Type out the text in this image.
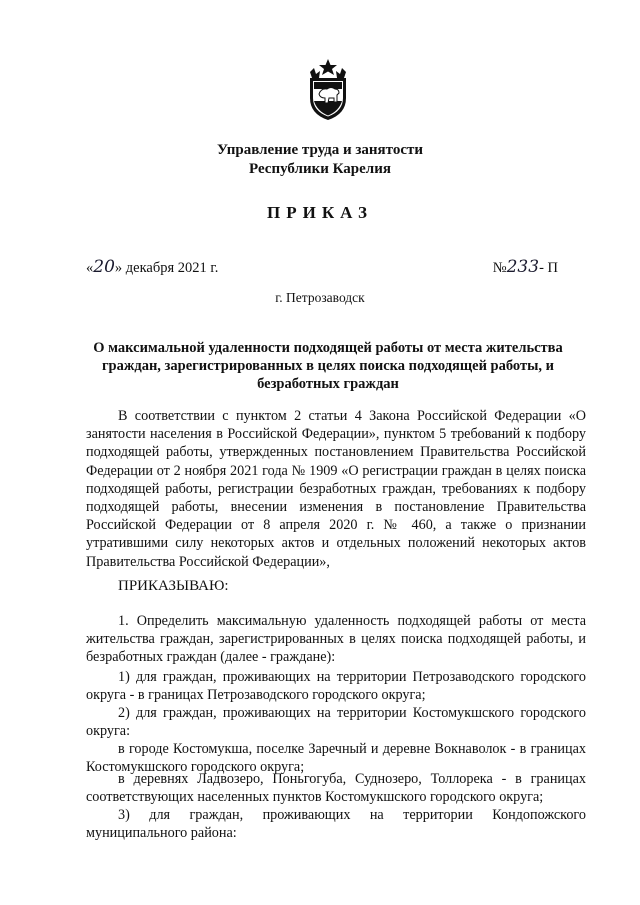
Управление труда и занятости
Республики Карелия
ПРИКАЗ
«20» декабря 2021 г.	№233- П
г. Петрозаводск
О максимальной удаленности подходящей работы от места жительства граждан, зарегистрированных в целях поиска подходящей работы, и безработных граждан
В соответствии с пунктом 2 статьи 4 Закона Российской Федерации «О занятости населения в Российской Федерации», пунктом 5 требований к подбору подходящей работы, утвержденных постановлением Правительства Российской Федерации от 2 ноября 2021 года № 1909 «О регистрации граждан в целях поиска подходящей работы, регистрации безработных граждан, требованиях к подбору подходящей работы, внесении изменения в постановление Правительства Российской Федерации от 8 апреля 2020 г. № 460, а также о признании утратившими силу некоторых актов и отдельных положений некоторых актов Правительства Российской Федерации»,
ПРИКАЗЫВАЮ:
1. Определить максимальную удаленность подходящей работы от места жительства граждан, зарегистрированных в целях поиска подходящей работы, и безработных граждан (далее - граждане):
1) для граждан, проживающих на территории Петрозаводского городского округа - в границах Петрозаводского городского округа;
2) для граждан, проживающих на территории Костомукшского городского округа:
в городе Костомукша, поселке Заречный и деревне Вокнаволок - в границах Костомукшского городского округа;
в деревнях Ладвозеро, Поньгогуба, Суднозеро, Толлорека - в границах соответствующих населенных пунктов Костомукшского городского округа;
3) для граждан, проживающих на территории Кондопожского муниципального района:
